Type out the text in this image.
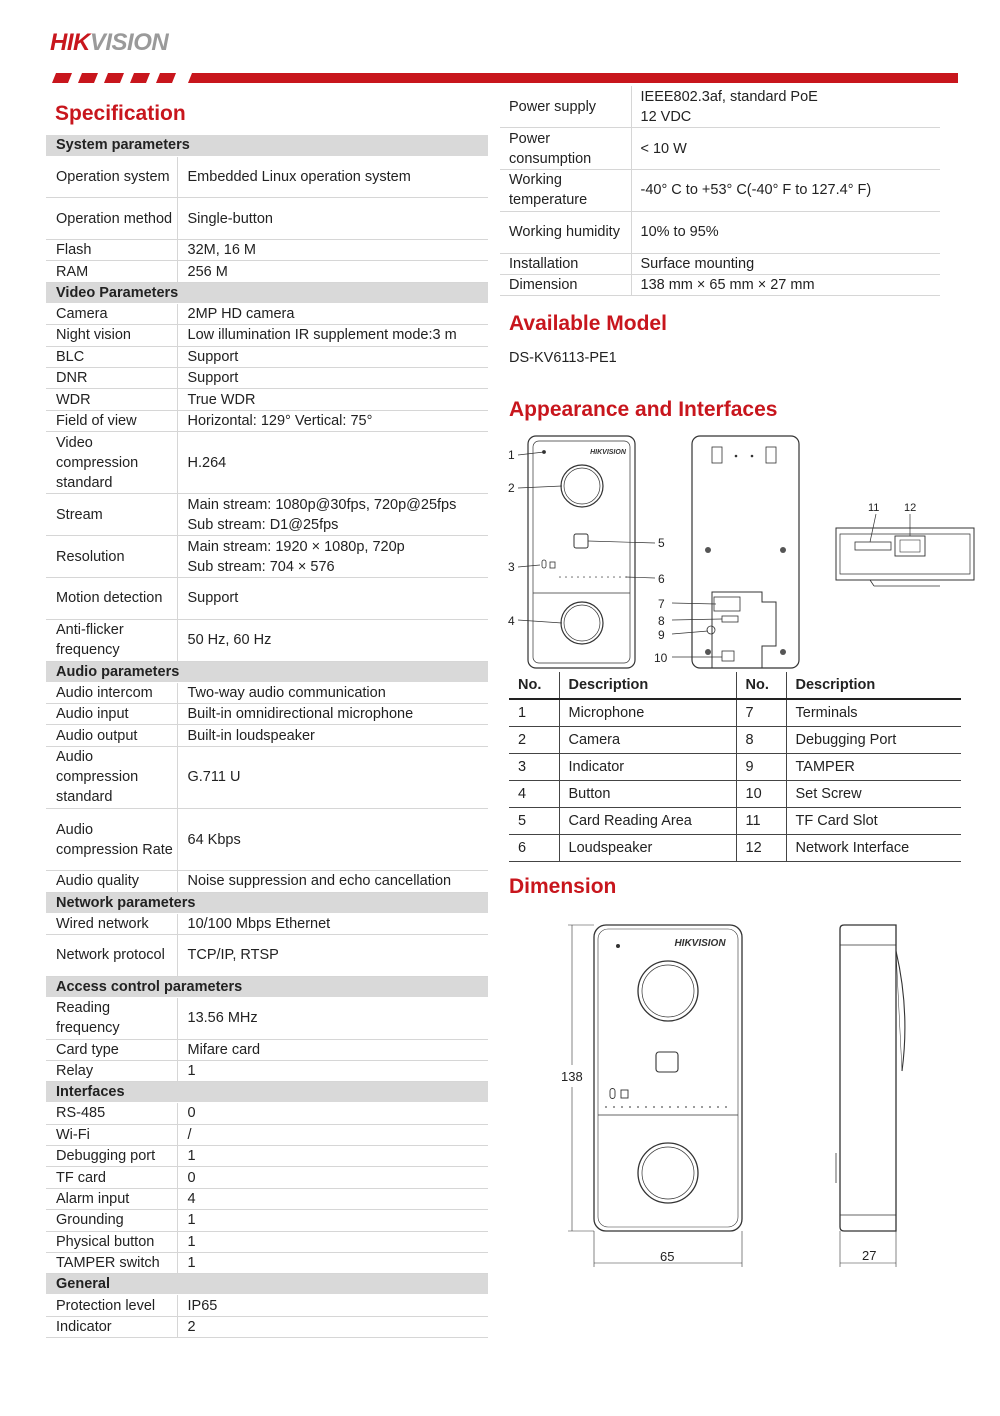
HIKVISION
Specification
System parameters	
Operation system	Embedded Linux operation system
Operation method	Single-button
Flash	32M, 16 M
RAM	256 M
Video Parameters	
Camera	2MP HD camera
Night vision	Low illumination IR supplement mode:3 m
BLC	Support
DNR	Support
WDR	True WDR
Field of view	Horizontal: 129° Vertical: 75°
Video compression standard	H.264
Stream	Main stream: 1080p@30fps, 720p@25fps
Sub stream: D1@25fps
Resolution	Main stream: 1920 × 1080p, 720p
Sub stream: 704 × 576
Motion detection	Support
Anti-flicker frequency	50 Hz, 60 Hz
Audio parameters	
Audio intercom	Two-way audio communication
Audio input	Built-in omnidirectional microphone
Audio output	Built-in loudspeaker
Audio compression standard	G.711 U
Audio compression Rate	64 Kbps
Audio quality	Noise suppression and echo cancellation
Network parameters	
Wired network	10/100 Mbps Ethernet
Network protocol	TCP/IP, RTSP
Access control parameters	
Reading frequency	13.56 MHz
Card type	Mifare card
Relay	1
Interfaces	
RS-485	0
Wi-Fi	/
Debugging port	1
TF card	0
Alarm input	4
Grounding	1
Physical button	1
TAMPER switch	1
General	
Protection level	IP65
Indicator	2
Power supply	IEEE802.3af, standard PoE
12 VDC
Power consumption	< 10 W
Working temperature	-40° C to +53° C(-40° F to 127.4° F)
Working humidity	10% to 95%
Installation	Surface mounting
Dimension	138 mm × 65 mm × 27 mm
Available Model
DS-KV6113-PE1
Appearance and Interfaces
HIKVISION
1
2
3
4
5
6
7
8
9
10
11 12
No.	Description	No.	Description
1	Microphone	7	Terminals
2	Camera	8	Debugging Port
3	Indicator	9	TAMPER
4	Button	10	Set Screw
5	Card Reading Area	11	TF Card Slot
6	Loudspeaker	12	Network Interface
Dimension
HIKVISION
138
65	27
